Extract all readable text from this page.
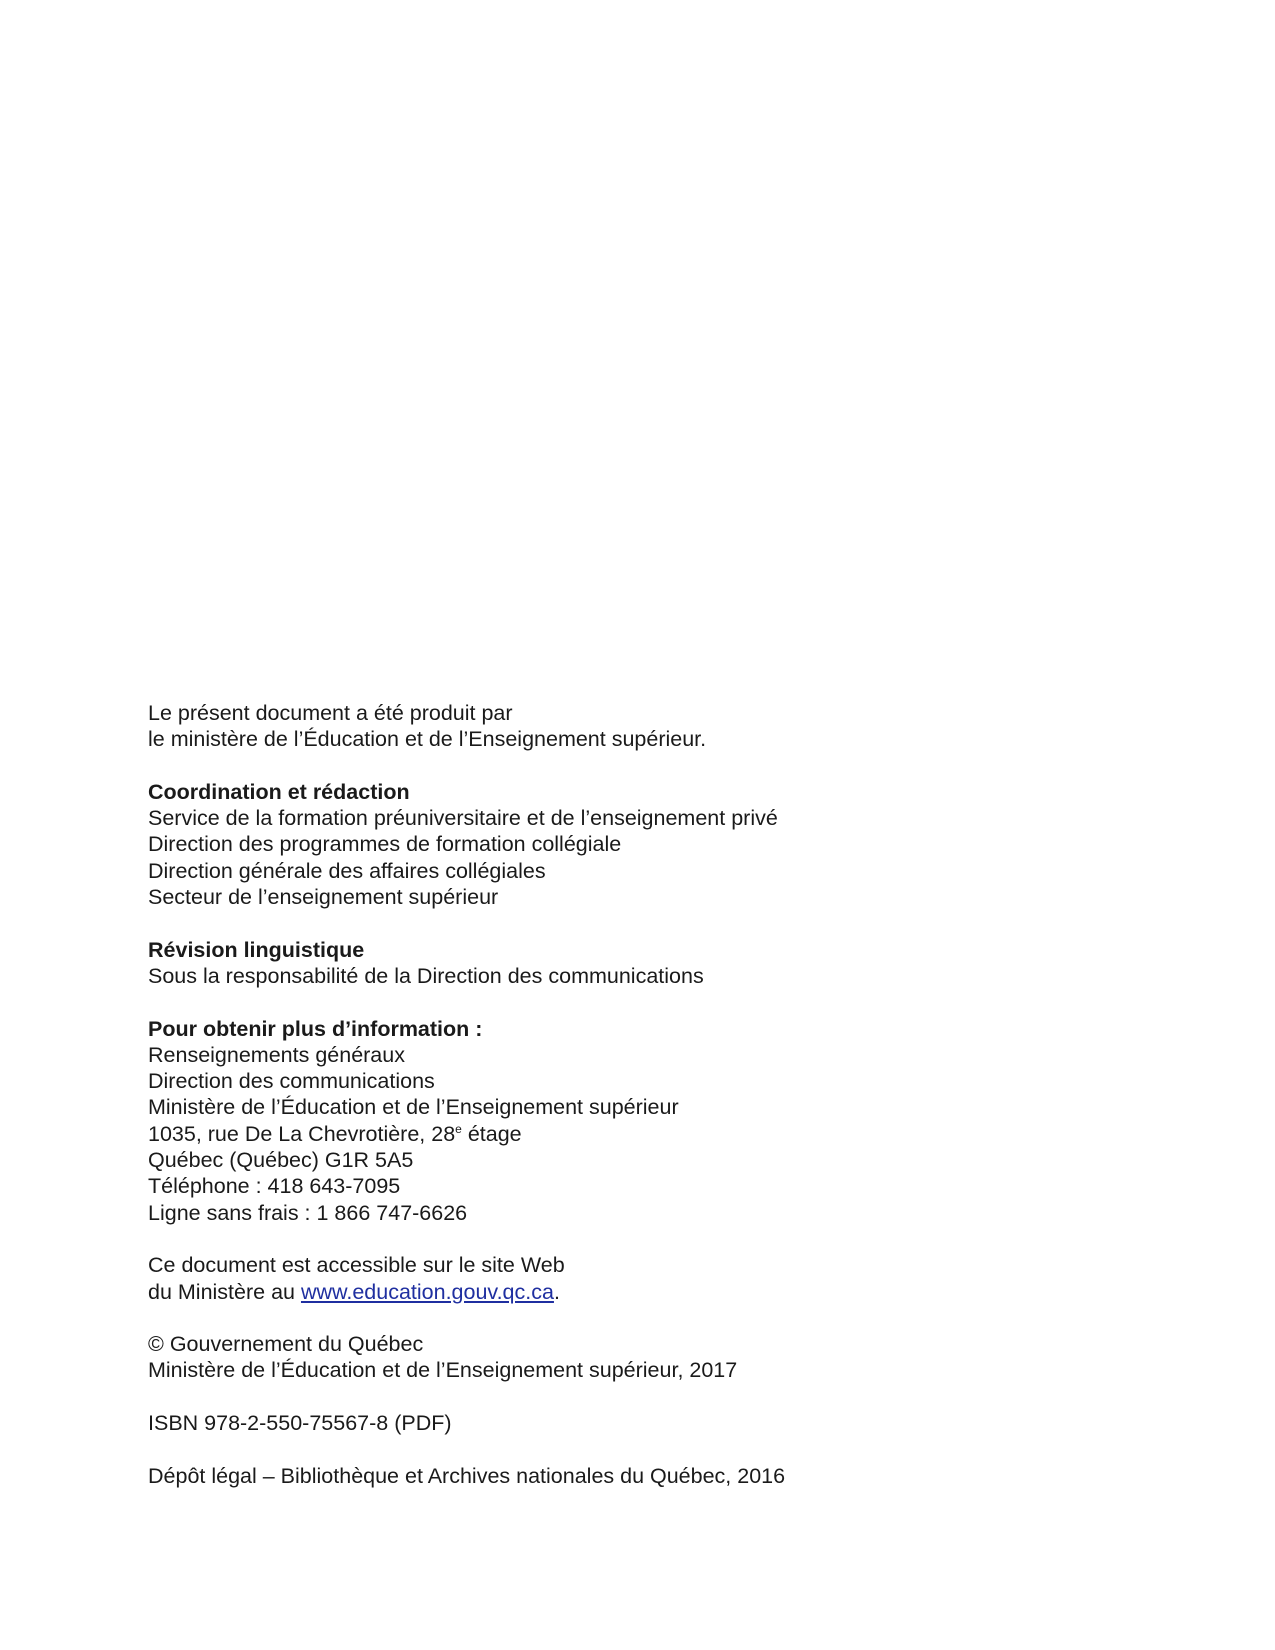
Le présent document a été produit par
le ministère de l’Éducation et de l’Enseignement supérieur.
Coordination et rédaction
Service de la formation préuniversitaire et de l’enseignement privé
Direction des programmes de formation collégiale
Direction générale des affaires collégiales
Secteur de l’enseignement supérieur
Révision linguistique
Sous la responsabilité de la Direction des communications
Pour obtenir plus d’information :
Renseignements généraux
Direction des communications
Ministère de l’Éducation et de l’Enseignement supérieur
1035, rue De La Chevrotière, 28e étage
Québec (Québec) G1R 5A5
Téléphone : 418 643-7095
Ligne sans frais : 1 866 747-6626
Ce document est accessible sur le site Web
du Ministère au www.education.gouv.qc.ca.
© Gouvernement du Québec
Ministère de l’Éducation et de l’Enseignement supérieur, 2017
ISBN 978-2-550-75567-8 (PDF)
Dépôt légal – Bibliothèque et Archives nationales du Québec, 2016
